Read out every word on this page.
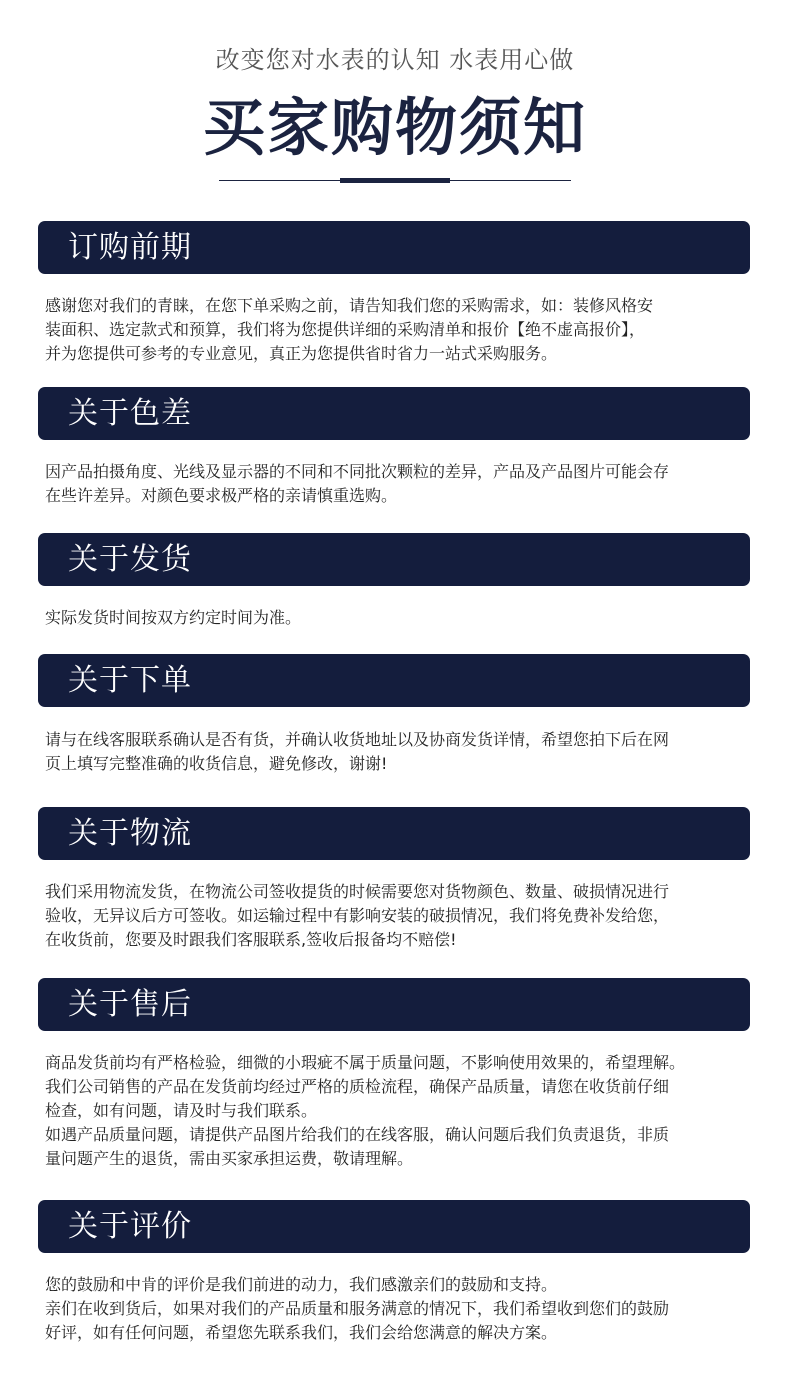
改变您对水表的认知 水表用心做
买家购物须知
订购前期

感谢您对我们的青睐，在您下单采购之前，请告知我们您的采购需求，如：装修风格安

装面积、选定款式和预算，我们将为您提供详细的采购清单和报价【绝不虚高报价】，

并为您提供可参考的专业意见，真正为您提供省时省力一站式采购服务。

关于色差

因产品拍摄角度、光线及显示器的不同和不同批次颗粒的差异，产品及产品图片可能会存

在些许差异。对颜色要求极严格的亲请慎重选购。

关于发货

实际发货时间按双方约定时间为准。

关于下单

请与在线客服联系确认是否有货，并确认收货地址以及协商发货详情，希望您拍下后在网

页上填写完整准确的收货信息，避免修改，谢谢!

关于物流

我们采用物流发货，在物流公司签收提货的时候需要您对货物颜色、数量、破损情况进行

验收，无异议后方可签收。如运输过程中有影响安装的破损情况，我们将免费补发给您，

在收货前，您要及时跟我们客服联系,签收后报备均不赔偿!

关于售后

商品发货前均有严格检验，细微的小瑕疵不属于质量问题，不影响使用效果的，希望理解。

我们公司销售的产品在发货前均经过严格的质检流程，确保产品质量，请您在收货前仔细

检查，如有问题，请及时与我们联系。

如遇产品质量问题，请提供产品图片给我们的在线客服，确认问题后我们负责退货，非质

量问题产生的退货，需由买家承担运费，敬请理解。

关于评价

您的鼓励和中肯的评价是我们前进的动力，我们感激亲们的鼓励和支持。

亲们在收到货后，如果对我们的产品质量和服务满意的情况下，我们希望收到您们的鼓励

好评，如有任何问题，希望您先联系我们，我们会给您满意的解决方案。
